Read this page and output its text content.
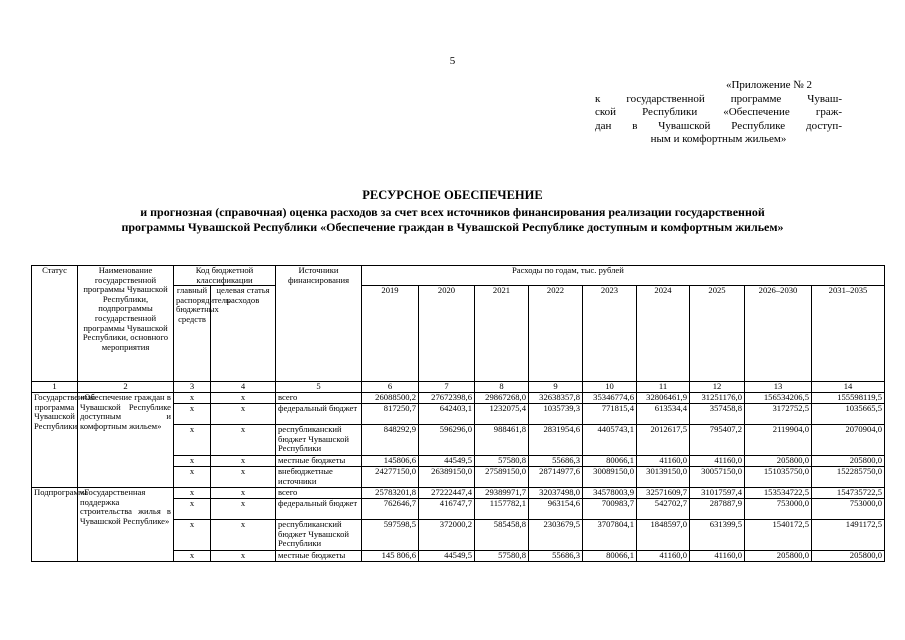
5
«Приложение № 2
к государственной программе Чуваш-
ской Республики «Обеспечение граж-
дан в Чувашской Республике доступ-
ным и комфортным жильем»
РЕСУРСНОЕ ОБЕСПЕЧЕНИЕ
и прогнозная (справочная) оценка расходов за счет всех источников финансирования реализации государственной программы Чувашской Республики «Обеспечение граждан в Чувашской Республике доступным и комфортным жильем»
Статус	Наименование государственной программы Чувашской Республики, подпрограммы государственной программы Чувашской Республики, основного мероприятия	Код бюджетной классификации		Источники финансирования	Расходы по годам, тыс. рублей								
		главный распорядитель бюджетных средств	целевая статья расходов		2019	2020	2021	2022	2023	2024	2025	2026–2030	2031–2035
1	2	3	4	5	6	7	8	9	10	11	12	13	14
Государственная программа Чувашской Республики	«Обеспечение граждан в Чувашской Республике доступным и комфортным жильем»	х	х	всего	26088500,2	27672398,6	29867268,0	32638357,8	35346774,6	32806461,9	31251176,0	156534206,5	155598119,5
		х	х	федеральный бюджет	817250,7	642403,1	1232075,4	1035739,3	771815,4	613534,4	357458,8	3172752,5	1035665,5
		х	х	республиканский бюджет Чувашской Республики	848292,9	596296,0	988461,8	2831954,6	4405743,1	2012617,5	795407,2	2119904,0	2070904,0
		х	х	местные бюджеты	145806,6	44549,5	57580,8	55686,3	80066,1	41160,0	41160,0	205800,0	205800,0
		х	х	внебюджетные источники	24277150,0	26389150,0	27589150,0	28714977,6	30089150,0	30139150,0	30057150,0	151035750,0	152285750,0
Подпрограмма	«Государственная поддержка строительства жилья в Чувашской Республике»	х	х	всего	25783201,8	27222447,4	29389971,7	32037498,0	34578003,9	32571609,7	31017597,4	153534722,5	154735722,5
		х	х	федеральный бюджет	762646,7	416747,7	1157782,1	963154,6	700983,7	542702,7	287887,9	753000,0	753000,0
		х	х	республиканский бюджет Чувашской Республики	597598,5	372000,2	585458,8	2303679,5	3707804,1	1848597,0	631399,5	1540172,5	1491172,5
		х	х	местные бюджеты	145 806,6	44549,5	57580,8	55686,3	80066,1	41160,0	41160,0	205800,0	205800,0
